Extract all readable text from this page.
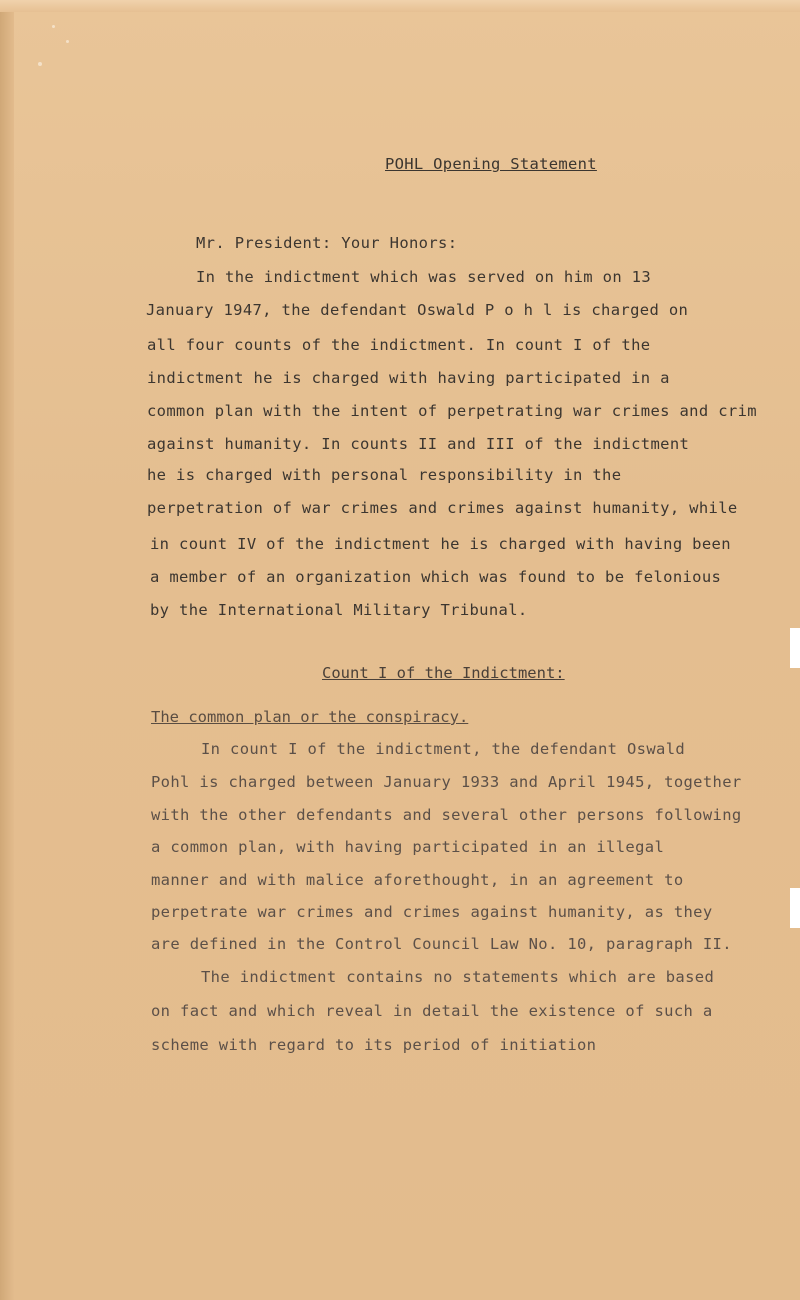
POHL Opening Statement
Mr. President: Your Honors:
In the indictment which was served on him on 13
January 1947, the defendant Oswald P o h l is charged on
all four counts of the indictment. In count I of the
indictment he is charged with having participated in a
common plan with the intent of perpetrating war crimes and crim
against humanity. In counts II and III of the indictment
he is charged with personal responsibility in the
perpetration of war crimes and crimes against humanity, while
in count IV of the indictment he is charged with having been
a member of an organization which was found to be felonious
by the International Military Tribunal.
Count I of the Indictment:
The common plan or the conspiracy.
In count I of the indictment, the defendant Oswald
Pohl is charged between January 1933 and April 1945, together
with the other defendants and several other persons following
a common plan, with having participated in an illegal
manner and with malice aforethought, in an agreement to
perpetrate war crimes and crimes against humanity, as they
are defined in the Control Council Law No. 10, paragraph II.
The indictment contains no statements which are based
on fact and which reveal in detail the existence of such a
scheme with regard to its period of initiation
